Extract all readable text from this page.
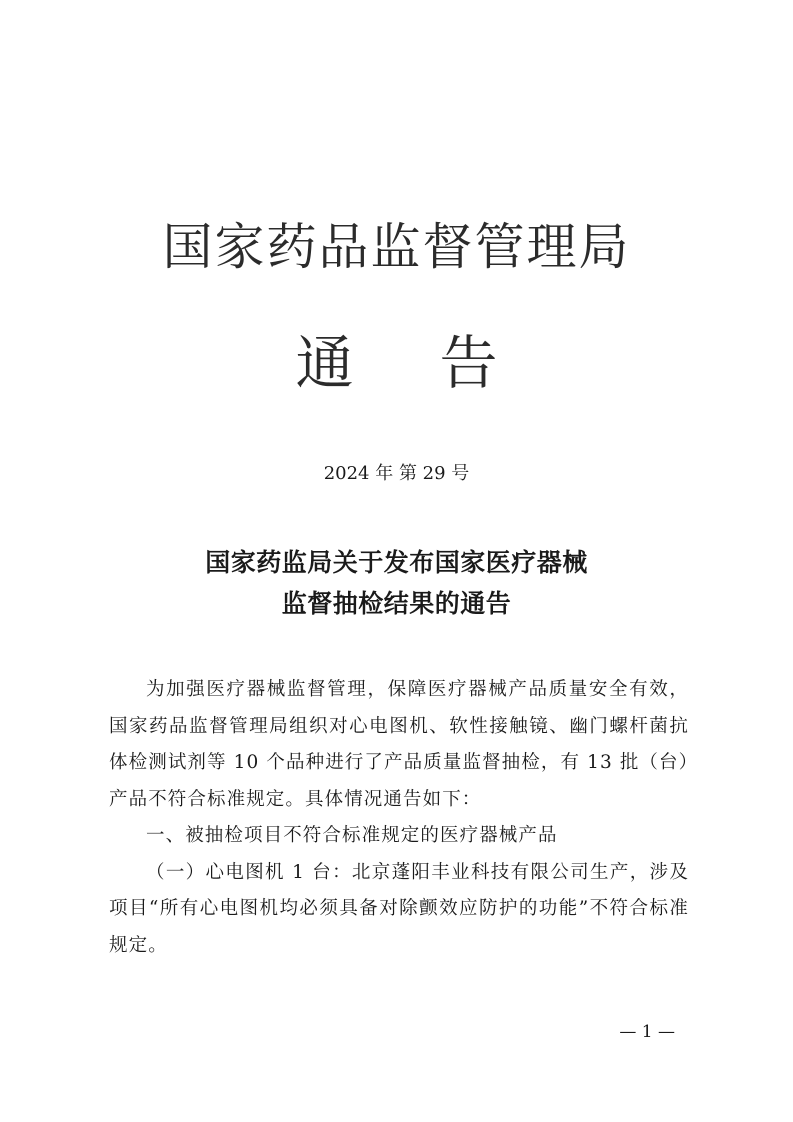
国家药品监督管理局
通告
2024 年 第 29 号
国家药监局关于发布国家医疗器械
监督抽检结果的通告

为加强医疗器械监督管理，保障医疗器械产品质量安全有效，国家药品监督管理局组织对心电图机、软性接触镜、幽门螺杆菌抗体检测试剂等 10 个品种进行了产品质量监督抽检，有 13 批（台）产品不符合标准规定。具体情况通告如下：

一、被抽检项目不符合标准规定的医疗器械产品

（一）心电图机 1 台：北京蓬阳丰业科技有限公司生产，涉及项目“所有心电图机均必须具备对除颤效应防护的功能”不符合标准规定。

— 1 —
